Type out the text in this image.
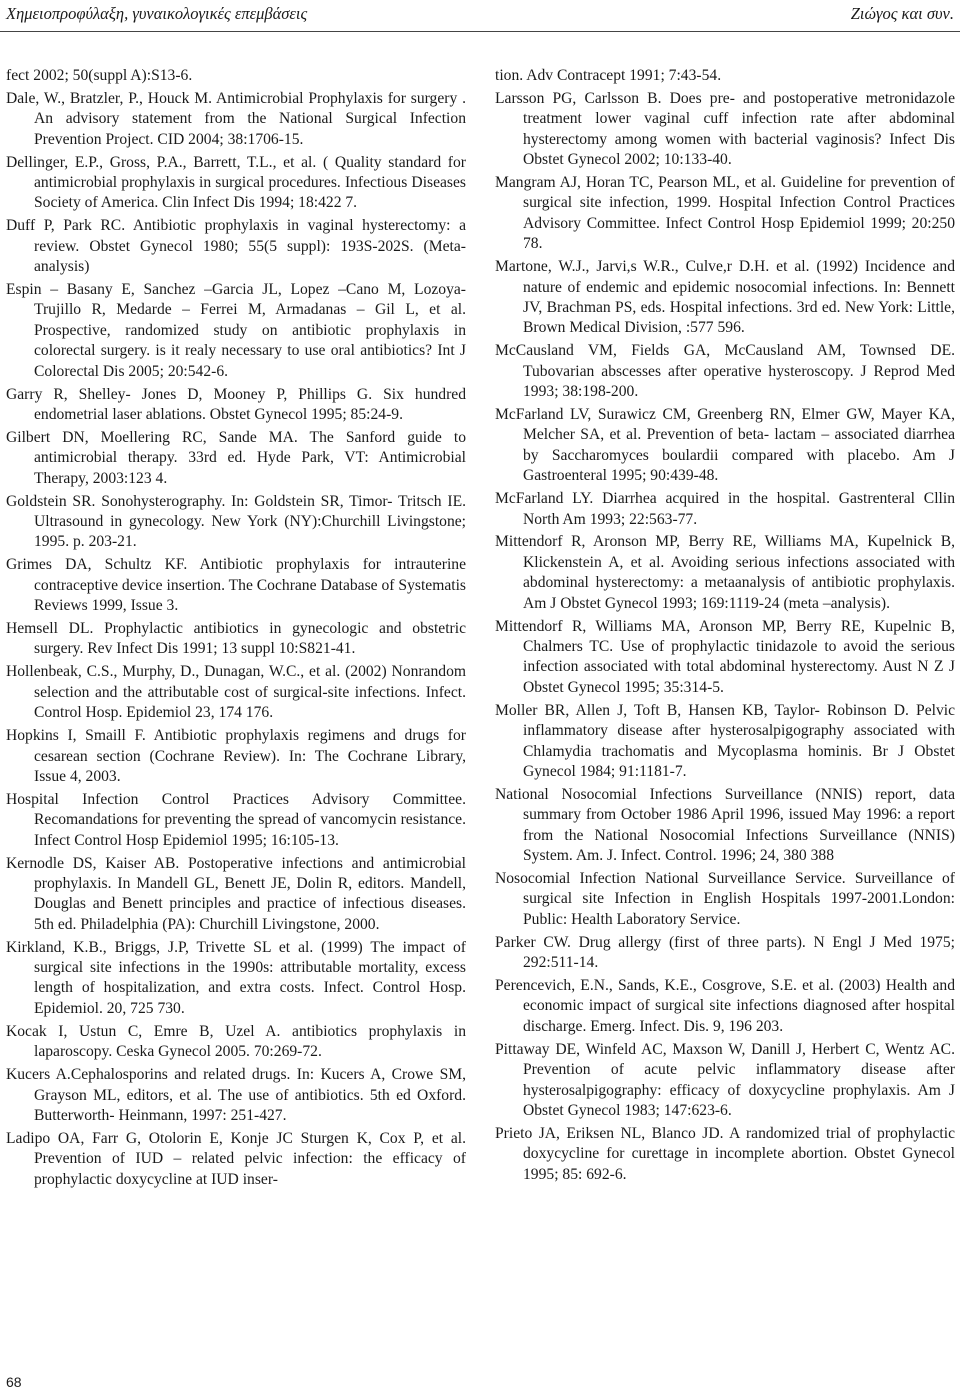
Χημειοπροφύλαξη, γυναικολογικές επεμβάσεις	Ζιώγος και συν.

fect 2002; 50(suppl A):S13-6.

Dale, W., Bratzler, P., Houck M. Antimicrobial Prophylaxis for surgery . An advisory statement from the National Surgical Infection Prevention Project. CID 2004; 38:1706-15.

Dellinger, E.P., Gross, P.A., Barrett, T.L., et al. ( Quality standard for antimicrobial prophylaxis in surgical procedures. Infectious Diseases Society of America. Clin Infect Dis 1994; 18:422 7.

Duff P, Park RC. Antibiotic prophylaxis in vaginal hysterectomy: a review. Obstet Gynecol 1980; 55(5 suppl): 193S-202S. (Meta-analysis)

Espin – Basany E, Sanchez –Garcia JL, Lopez –Cano M, Lozoya- Trujillo R, Medarde – Ferrei M, Armadanas – Gil L, et al. Prospective, randomized study on antibiotic prophylaxis in colorectal surgery. is it realy necessary to use oral antibiotics? Int J Colorectal Dis 2005; 20:542-6.

Garry R, Shelley- Jones D, Mooney P, Phillips G. Six hundred endometrial laser ablations. Obstet Gynecol 1995; 85:24-9.

Gilbert DN, Moellering RC, Sande MA. The Sanford guide to antimicrobial therapy. 33rd ed. Hyde Park, VT: Antimicrobial Therapy, 2003:123 4.

Goldstein SR. Sonohysterography. In: Goldstein SR, Timor- Tritsch IE. Ultrasound in gynecology. New York (NY):Churchill Livingstone; 1995. p. 203-21.

Grimes DA, Schultz KF. Antibiotic prophylaxis for intrauterine contraceptive device insertion. The Cochrane Database of Systematis Reviews 1999, Issue 3.

Hemsell DL. Prophylactic antibiotics in gynecologic and obstetric surgery. Rev Infect Dis 1991; 13 suppl 10:S821-41.

Hollenbeak, C.S., Murphy, D., Dunagan, W.C., et al. (2002) Nonrandom selection and the attributable cost of surgical-site infections. Infect. Control Hosp. Epidemiol 23, 174 176.

Hopkins I, Smaill F. Antibiotic prophylaxis regimens and drugs for cesarean section (Cochrane Review). In: The Cochrane Library, Issue 4, 2003.

Hospital Infection Control Practices Advisory Committee. Recomandations for preventing the spread of vancomycin resistance. Infect Control Hosp Epidemiol 1995; 16:105-13.

Kernodle DS, Kaiser AB. Postoperative infections and antimicrobial prophylaxis. In Mandell GL, Benett JE, Dolin R, editors. Mandell, Douglas and Benett principles and practice of infectious diseases. 5th ed. Philadelphia (PA): Churchill Livingstone, 2000.

Kirkland, K.B., Briggs, J.P, Trivette SL et al. (1999) The impact of surgical site infections in the 1990s: attributable mortality, excess length of hospitalization, and extra costs. Infect. Control Hosp. Epidemiol. 20, 725 730.

Kocak I, Ustun C, Emre B, Uzel A. antibiotics prophylaxis in laparoscopy. Ceska Gynecol 2005. 70:269-72.

Kucers A.Cephalosporins and related drugs. In: Kucers A, Crowe SM, Grayson ML, editors, et al. The use of antibiotics. 5th ed Oxford. Butterworth- Heinmann, 1997: 251-427.

Ladipo OA, Farr G, Otolorin E, Konje JC Sturgen K, Cox P, et al. Prevention of IUD – related pelvic infection: the efficacy of prophylactic doxycycline at IUD inser-

tion. Adv Contracept 1991; 7:43-54.

Larsson PG, Carlsson B. Does pre- and postoperative metronidazole treatment lower vaginal cuff infection rate after abdominal hysterectomy among women with bacterial vaginosis? Infect Dis Obstet Gynecol 2002; 10:133-40.

Mangram AJ, Horan TC, Pearson ML, et al. Guideline for prevention of surgical site infection, 1999. Hospital Infection Control Practices Advisory Committee. Infect Control Hosp Epidemiol 1999; 20:250 78.

Martone, W.J., Jarvi,s W.R., Culve,r D.H. et al. (1992) Incidence and nature of endemic and epidemic nosocomial infections. In: Bennett JV, Brachman PS, eds. Hospital infections. 3rd ed. New York: Little, Brown Medical Division, :577 596.

McCausland VM, Fields GA, McCausland AM, Townsed DE. Tubovarian abscesses after operative hysteroscopy. J Reprod Med 1993; 38:198-200.

McFarland LV, Surawicz CM, Greenberg RN, Elmer GW, Mayer KA, Melcher SA, et al. Prevention of beta- lactam – associated diarrhea by Saccharomyces boulardii compared with placebo. Am J Gastroenteral 1995; 90:439-48.

McFarland LY. Diarrhea acquired in the hospital. Gastrenteral Cllin North Am 1993; 22:563-77.

Mittendorf R, Aronson MP, Berry RE, Williams MA, Kupelnick B, Klickenstein A, et al. Avoiding serious infections associated with abdominal hysterectomy: a metaanalysis of antibiotic prophylaxis. Am J Obstet Gynecol 1993; 169:1119-24 (meta –analysis).

Mittendorf R, Williams MA, Aronson MP, Berry RE, Kupelnic B, Chalmers TC. Use of prophylactic tinidazole to avoid the serious infection associated with total abdominal hysterectomy. Aust N Z J Obstet Gynecol 1995; 35:314-5.

Moller BR, Allen J, Toft B, Hansen KB, Taylor- Robinson D. Pelvic inflammatory disease after hysterosalpigography associated with Chlamydia trachomatis and Mycoplasma hominis. Br J Obstet Gynecol 1984; 91:1181-7.

National Nosocomial Infections Surveillance (NNIS) report, data summary from October 1986 April 1996, issued May 1996: a report from the National Nosocomial Infections Surveillance (NNIS) System. Am. J. Infect. Control. 1996; 24, 380 388

Nosocomial Infection National Surveillance Service. Surveillance of surgical site Infection in English Hospitals 1997-2001.London: Public: Health Laboratory Service.

Parker CW. Drug allergy (first of three parts). N Engl J Med 1975; 292:511-14.

Perencevich, E.N., Sands, K.E., Cosgrove, S.E. et al. (2003) Health and economic impact of surgical site infections diagnosed after hospital discharge. Emerg. Infect. Dis. 9, 196 203.

Pittaway DE, Winfeld AC, Maxson W, Danill J, Herbert C, Wentz AC. Prevention of acute pelvic inflammatory disease after hysterosalpigography: efficacy of doxycycline prophylaxis. Am J Obstet Gynecol 1983; 147:623-6.

Prieto JA, Eriksen NL, Blanco JD. A randomized trial of prophylactic doxycycline for curettage in incomplete abortion. Obstet Gynecol 1995; 85: 692-6.

68
